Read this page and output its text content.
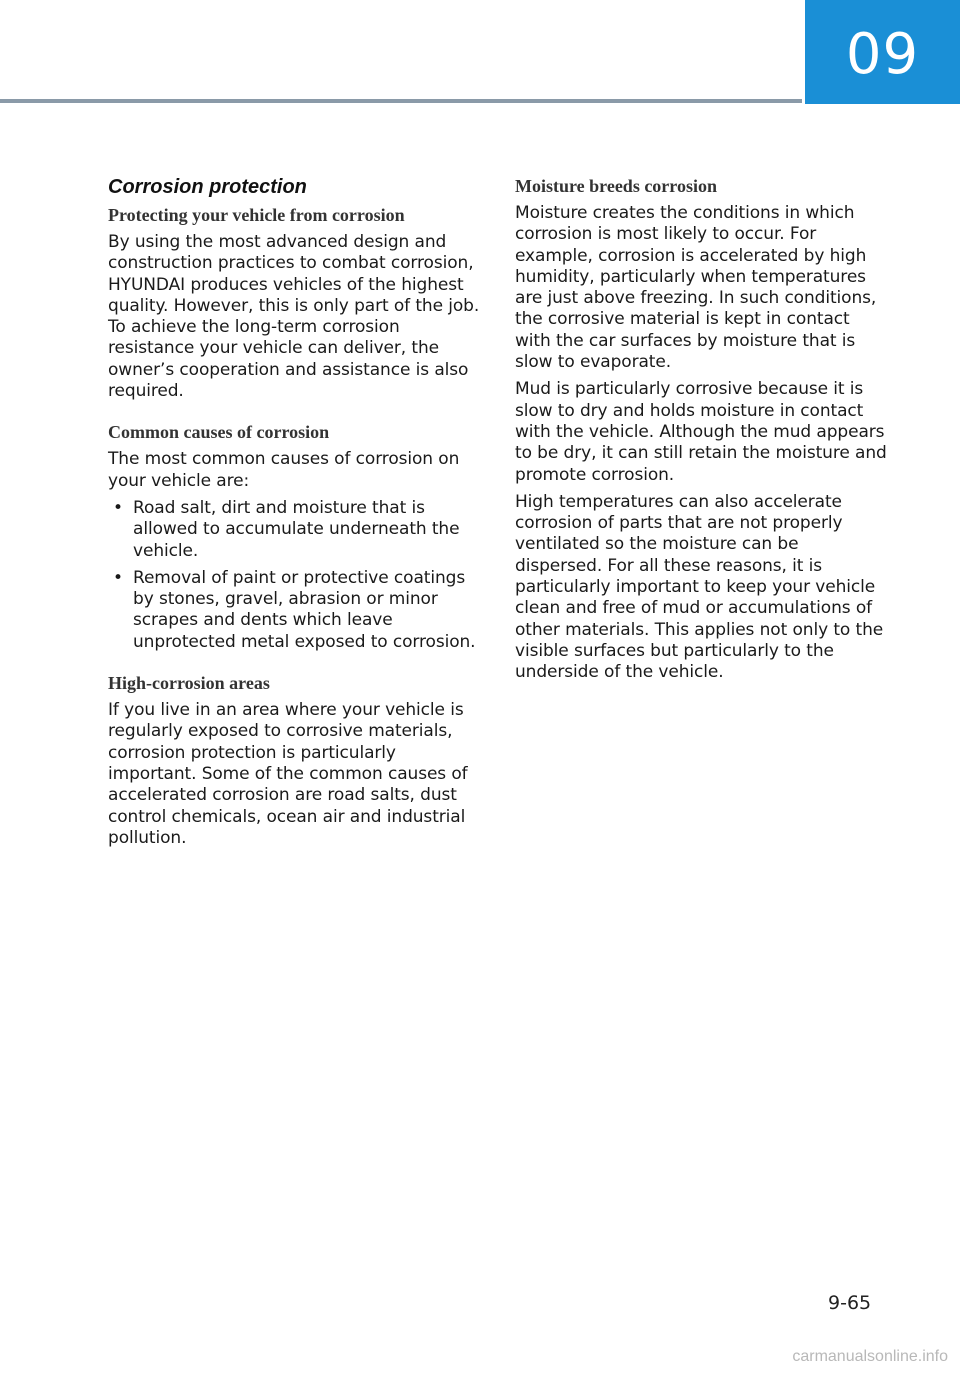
09
Corrosion protection
Protecting your vehicle from corrosion

By using the most advanced design and construction practices to combat corrosion, HYUNDAI produces vehicles of the highest quality. However, this is only part of the job. To achieve the long-term corrosion resistance your vehicle can deliver, the owner’s cooperation and assistance is also required.

Common causes of corrosion

The most common causes of corrosion on your vehicle are:

• Road salt, dirt and moisture that is allowed to accumulate underneath the vehicle.
• Removal of paint or protective coatings by stones, gravel, abrasion or minor scrapes and dents which leave unprotected metal exposed to corrosion.
High-corrosion areas

If you live in an area where your vehicle is regularly exposed to corrosive materials, corrosion protection is particularly important. Some of the common causes of accelerated corrosion are road salts, dust control chemicals, ocean air and industrial pollution.

Moisture breeds corrosion

Moisture creates the conditions in which corrosion is most likely to occur. For example, corrosion is accelerated by high humidity, particularly when temperatures are just above freezing. In such conditions, the corrosive material is kept in contact with the car surfaces by moisture that is slow to evaporate.

Mud is particularly corrosive because it is slow to dry and holds moisture in contact with the vehicle. Although the mud appears to be dry, it can still retain the moisture and promote corrosion.

High temperatures can also accelerate corrosion of parts that are not properly ventilated so the moisture can be dispersed. For all these reasons, it is particularly important to keep your vehicle clean and free of mud or accumulations of other materials. This applies not only to the visible surfaces but particularly to the underside of the vehicle.

9-65
carmanualsonline.info
